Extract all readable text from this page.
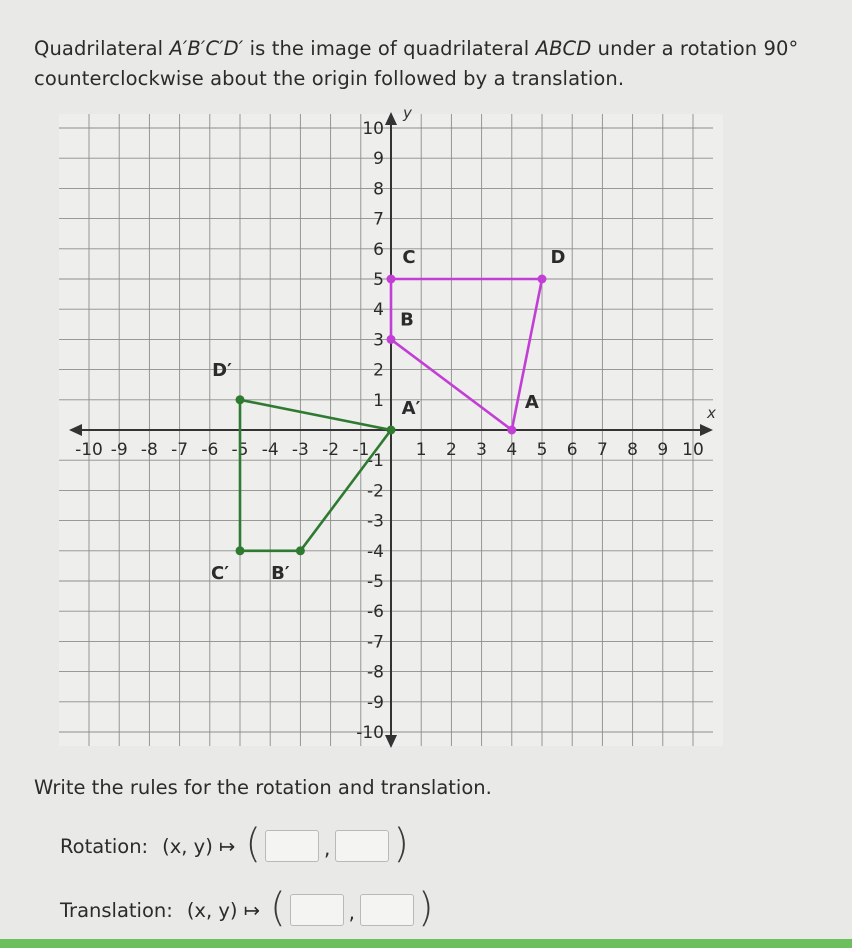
Quadrilateral A′B′C′D′ is the image of quadrilateral ABCD under a rotation 90°
counterclockwise about the origin followed by a translation.
x
y
-10 -9 -8 -7 -6 -5 -4 -3 -2 -1	1 2 3 4 5 6 7 8 9 10
10
9
8
7
6
5
4
3
2
1
-1
-2
-3
-4
-5
-6
-7
-8
-9
-10
A
B
C	D
A′
B′
C′
D′
Write the rules for the rotation and translation.
Rotation: (x, y) ↦ (	, )
Translation: (x, y) ↦ (	, )
